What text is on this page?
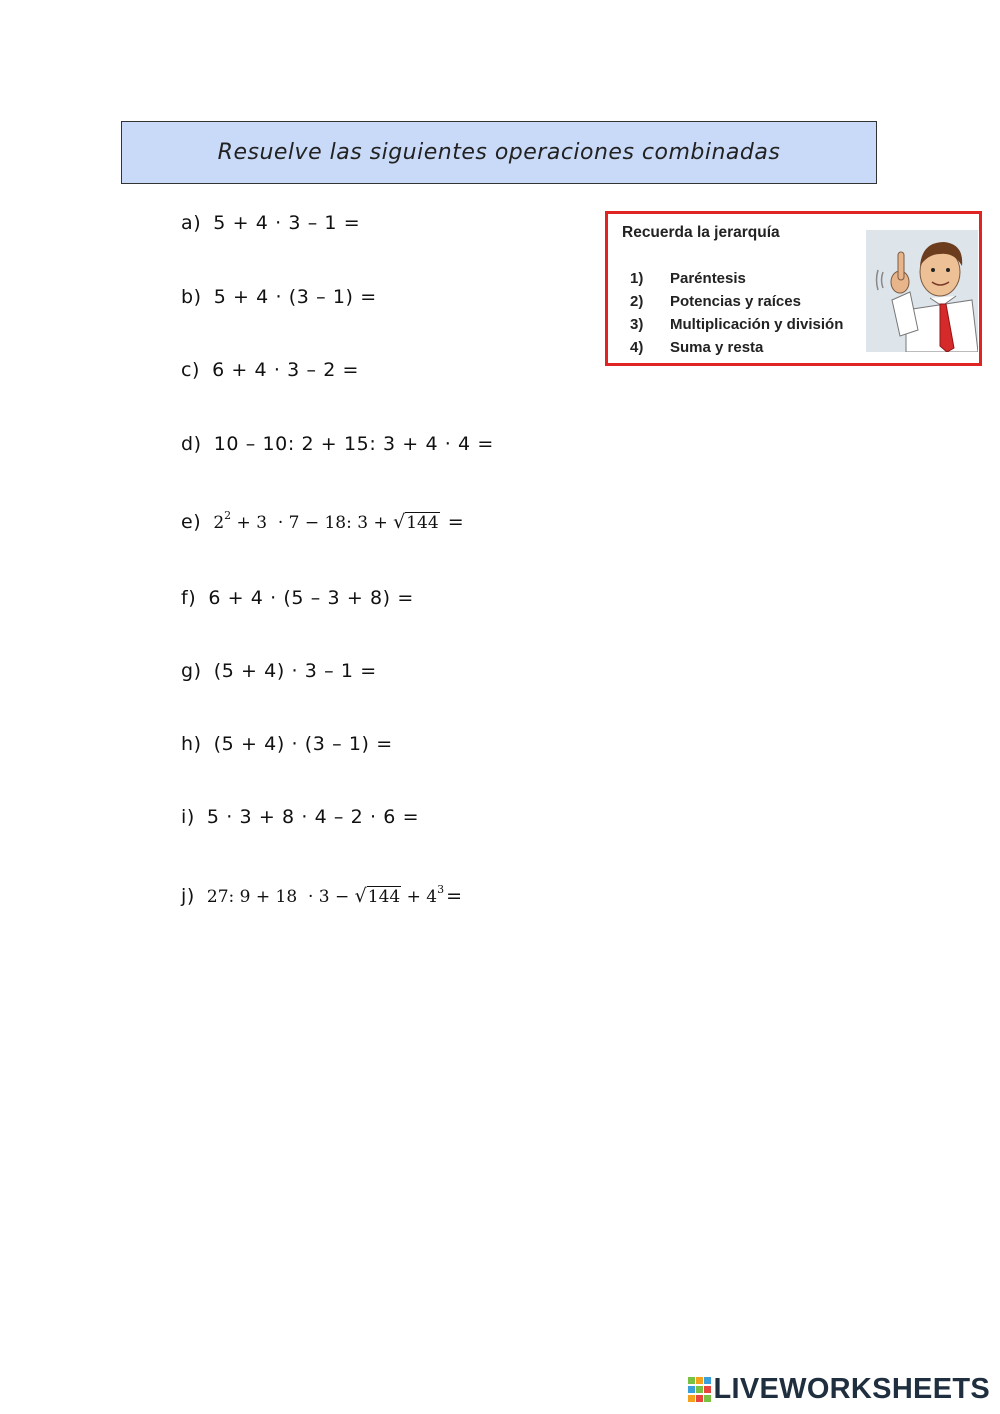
Resuelve las siguientes operaciones combinadas
a) 5 + 4 · 3 – 1 =
b) 5 + 4 · (3 – 1) =
c) 6 + 4 · 3 – 2 =
d) 10 – 10: 2 + 15: 3 + 4 · 4 =
e) $2^2 + 3 \cdot 7 - 18$: 3 + √144 =
f) 6 + 4 · (5 – 3 + 8) =
g) (5 + 4) · 3 – 1 =
h) (5 + 4) · (3 – 1) =
i) 5 · 3 + 8 · 4 – 2 · 6 =
j) 27: $9 + 18 \cdot 3 - √144 + 4^3$ =
Recuerda la jerarquía
1)	Paréntesis
2)	Potencias y raíces
3)	Multiplicación y división
4)	Suma y resta
LIVEWORKSHEETS
